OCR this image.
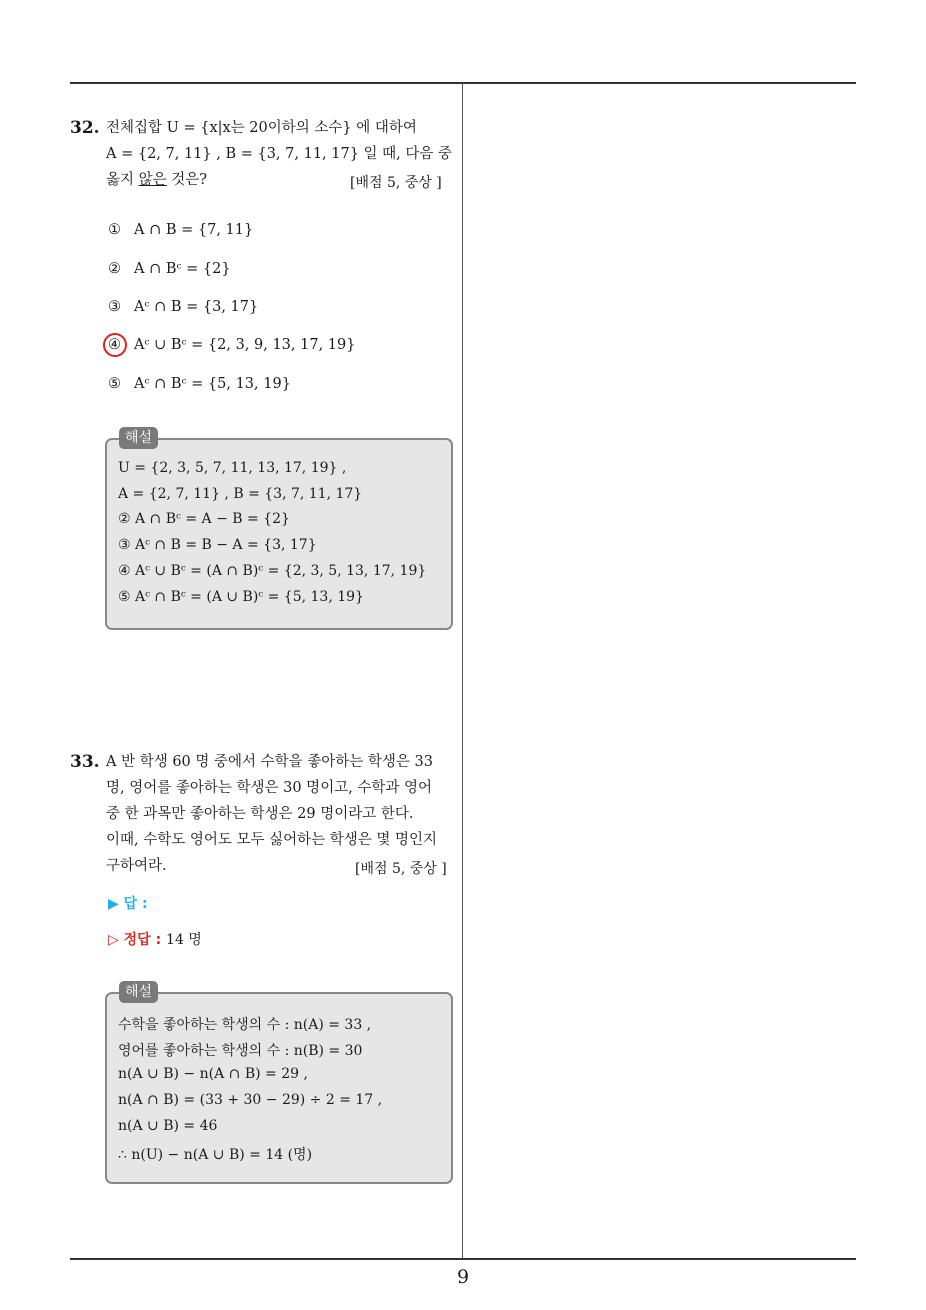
32. 전체집합 U = {x|x는 20이하의 소수} 에 대하여
A = {2, 7, 11} , B = {3, 7, 11, 17} 일 때, 다음 중
옳지 않은 것은?	[배점 5, 중상 ]
① A ∩ B = {7, 11}
② A ∩ Bᶜ = {2}
③ Aᶜ ∩ B = {3, 17}
④ Aᶜ ∪ Bᶜ = {2, 3, 9, 13, 17, 19}
⑤ Aᶜ ∩ Bᶜ = {5, 13, 19}
해설
U = {2, 3, 5, 7, 11, 13, 17, 19} ,
A = {2, 7, 11} , B = {3, 7, 11, 17}
② A ∩ Bᶜ = A − B = {2}
③ Aᶜ ∩ B = B − A = {3, 17}
④ Aᶜ ∪ Bᶜ = (A ∩ B)ᶜ = {2, 3, 5, 13, 17, 19}
⑤ Aᶜ ∩ Bᶜ = (A ∪ B)ᶜ = {5, 13, 19}
33. A 반 학생 60 명 중에서 수학을 좋아하는 학생은 33
명, 영어를 좋아하는 학생은 30 명이고, 수학과 영어
중 한 과목만 좋아하는 학생은 29 명이라고 한다.
이때, 수학도 영어도 모두 싫어하는 학생은 몇 명인지
구하여라.	[배점 5, 중상 ]
▶ 답 :
▷ 정답 : 14 명
해설
수학을 좋아하는 학생의 수 : n(A) = 33 ,
영어를 좋아하는 학생의 수 : n(B) = 30
n(A ∪ B) − n(A ∩ B) = 29 ,
n(A ∩ B) = (33 + 30 − 29) ÷ 2 = 17 ,
n(A ∪ B) = 46
∴ n(U) − n(A ∪ B) = 14 (명)
9
